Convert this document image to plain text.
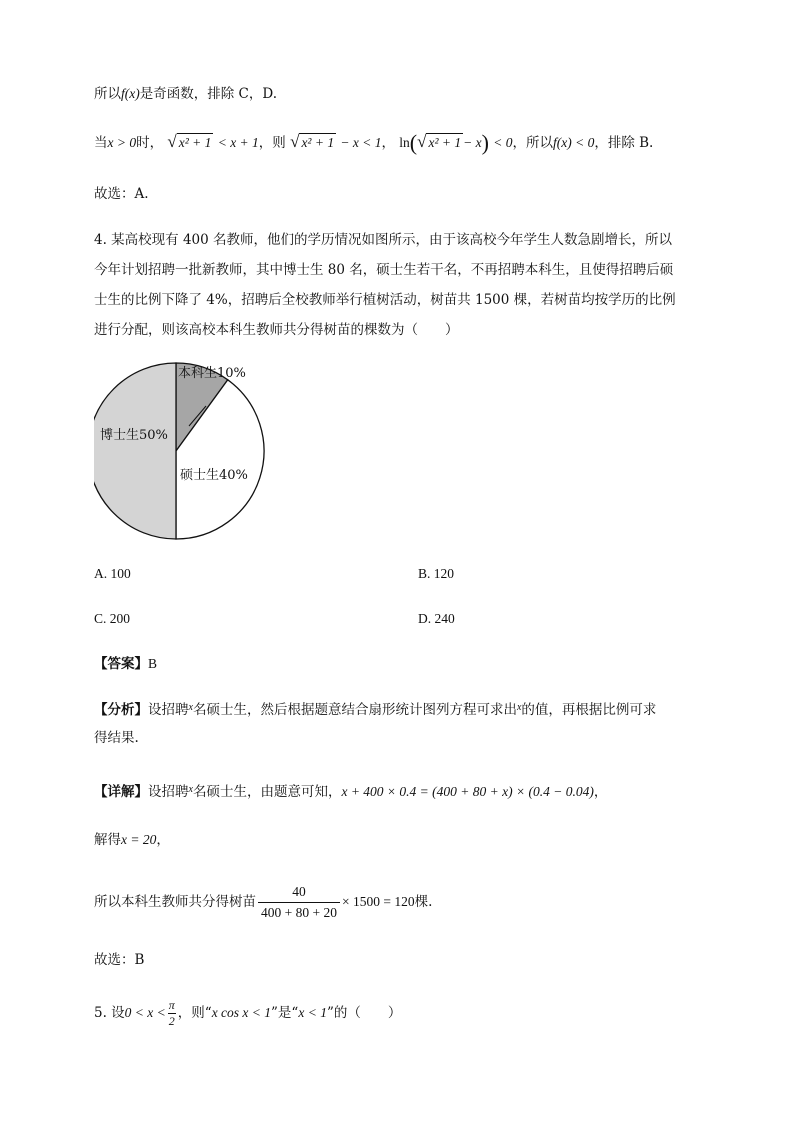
所以f(x)是奇函数，排除 C，D.
当x > 0时， √ x² + 1 < x + 1，则 √ x² + 1 − x < 1， ln(√ x² + 1 − x) < 0，所以f(x) < 0，排除 B.
故选：A.
4. 某高校现有 400 名教师，他们的学历情况如图所示，由于该高校今年学生人数急剧增长，所以
今年计划招聘一批新教师，其中博士生 80 名，硕士生若干名，不再招聘本科生，且使得招聘后硕
士生的比例下降了 4%，招聘后全校教师举行植树活动，树苗共 1500 棵，若树苗均按学历的比例
进行分配，则该高校本科生教师共分得树苗的棵数为（　　）
本科生10%
硕士生40%
博士生50%
A. 100	B. 120
C. 200	D. 240
【答案】B
【分析】设招聘$^x$名硕士生，然后根据题意结合扇形统计图列方程可求出$^x$的值，再根据比例可求
得结果.
【详解】设招聘$^x$名硕士生，由题意可知，x + 400 × 0.4 = (400 + 80 + x) × (0.4 − 0.04)，
解得x = 20，
所以本科生教师共分得树苗 $\frac{40}{400 + 80 + 20} \times 1500 = 120$棵.
故选：B
5. 设$0 < x < \frac{\pi}{2}$ ，则“x cos x < 1”是“x < 1”的（　　）
